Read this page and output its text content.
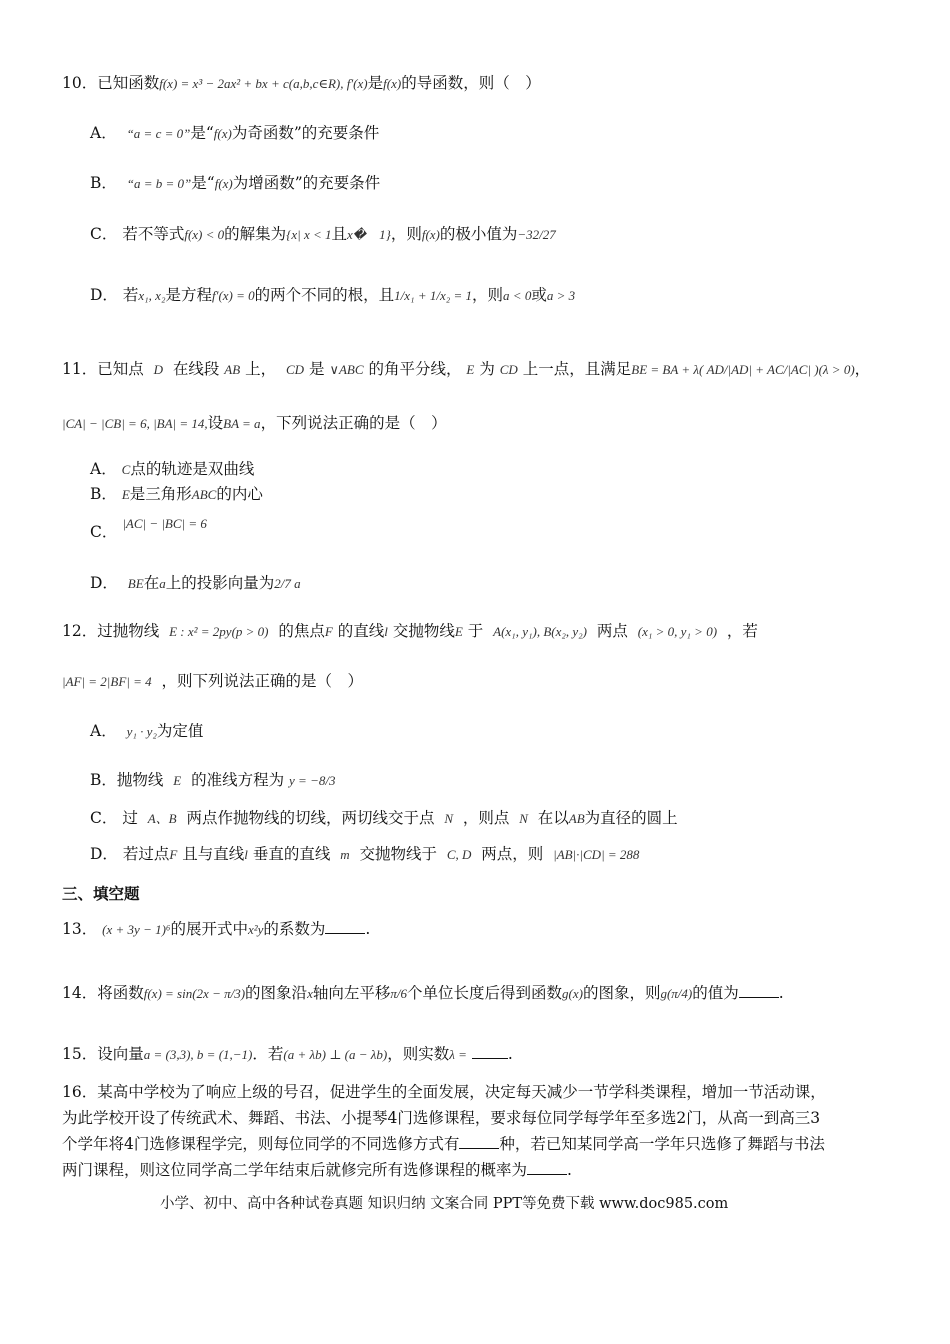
10．已知函数f(x) = x³ − 2ax² + bx + c(a,b,c∈R), f′(x)是f(x)的导函数，则（　）
A． “a = c = 0”是“f(x)为奇函数”的充要条件
B． “a = b = 0”是“f(x)为增函数”的充要条件
C． 若不等式f(x) < 0的解集为{x| x < 1且x�　1}，则f(x)的极小值为−32/27
D． 若x₁, x₂是方程f′(x) = 0的两个不同的根，且1/x₁ + 1/x₂ = 1，则a < 0或a > 3
11．已知点 D 在线段 AB 上， CD 是 ∨ABC 的角平分线， E 为 CD 上一点，且满足BE = BA + λ( AD/|AD| + AC/|AC| )(λ > 0)，
|CA| − |CB| = 6, |BA| = 14,设BA = a，下列说法正确的是（　）
A． C点的轨迹是双曲线
B． E是三角形ABC的内心
C． |AC| − |BC| = 6
D． BE在a上的投影向量为2/7 a
12．过抛物线 E : x² = 2py(p > 0) 的焦点F 的直线l 交抛物线E 于 A(x₁, y₁), B(x₂, y₂) 两点 (x₁ > 0, y₁ > 0) ，若
|AF| = 2|BF| = 4 ，则下列说法正确的是（　）
A． y₁ · y₂为定值
B．抛物线 E 的准线方程为 y = −8/3
C． 过 A、B 两点作抛物线的切线，两切线交于点 N ，则点 N 在以AB为直径的圆上
D． 若过点F 且与直线l 垂直的直线 m 交抛物线于 C, D 两点，则 |AB|·|CD| = 288
三、填空题
13． (x + 3y − 1)⁶的展开式中x²y的系数为	.
14．将函数f(x) = sin(2x − π/3)的图象沿x轴向左平移π/6个单位长度后得到函数g(x)的图象，则g(π/4)的值为	.
15．设向量a = (3,3), b = (1,−1)．若(a + λb) ⊥ (a − λb)，则实数λ =	.
16．某高中学校为了响应上级的号召，促进学生的全面发展，决定每天减少一节学科类课程，增加一节活动课，
为此学校开设了传统武术、舞蹈、书法、小提琴4门选修课程，要求每位同学每学年至多选2门，从高一到高三3
个学年将4门选修课程学完，则每位同学的不同选修方式有	种，若已知某同学高一学年只选修了舞蹈与书法
两门课程，则这位同学高二学年结束后就修完所有选修课程的概率为	.
小学、初中、高中各种试卷真题 知识归纳 文案合同 PPT等免费下载 www.doc985.com
